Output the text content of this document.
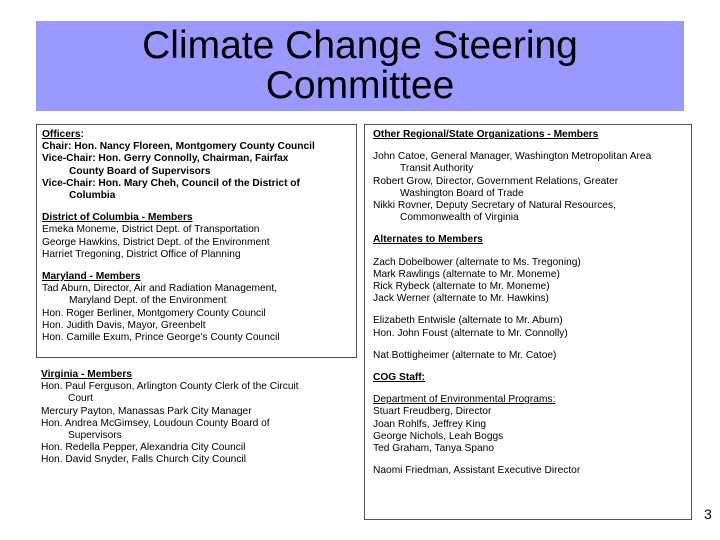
Climate Change Steering
Committee
Officers:
Chair: Hon. Nancy Floreen, Montgomery County Council
Vice-Chair: Hon. Gerry Connolly, Chairman, Fairfax
County Board of Supervisors
Vice-Chair: Hon. Mary Cheh, Council of the District of
Columbia
District of Columbia - Members
Emeka Moneme, District Dept. of Transportation
George Hawkins, District Dept. of the Environment
Harriet Tregoning, District Office of Planning
Maryland - Members
Tad Aburn, Director, Air and Radiation Management,
Maryland Dept. of the Environment
Hon. Roger Berliner, Montgomery County Council
Hon. Judith Davis, Mayor, Greenbelt
Hon. Camille Exum, Prince George's County Council
Virginia - Members
Hon. Paul Ferguson, Arlington County Clerk of the Circuit
Court
Mercury Payton, Manassas Park City Manager
Hon. Andrea McGimsey, Loudoun County Board of
Supervisors
Hon. Redella Pepper, Alexandria City Council
Hon. David Snyder, Falls Church City Council
Other Regional/State Organizations - Members
John Catoe, General Manager, Washington Metropolitan Area
Transit Authority
Robert Grow, Director, Government Relations, Greater
Washington Board of Trade
Nikki Rovner, Deputy Secretary of Natural Resources,
Commonwealth of Virginia
Alternates to Members
Zach Dobelbower (alternate to Ms. Tregoning)
Mark Rawlings (alternate to Mr. Moneme)
Rick Rybeck (alternate to Mr. Moneme)
Jack Werner (alternate to Mr. Hawkins)
Elizabeth Entwisle (alternate to Mr. Aburn)
Hon. John Foust (alternate to Mr. Connolly)
Nat Bottigheimer (alternate to Mr. Catoe)
COG Staff:
Department of Environmental Programs:
Stuart Freudberg, Director
Joan Rohlfs, Jeffrey King
George Nichols, Leah Boggs
Ted Graham, Tanya Spano
Naomi Friedman, Assistant Executive Director
3
